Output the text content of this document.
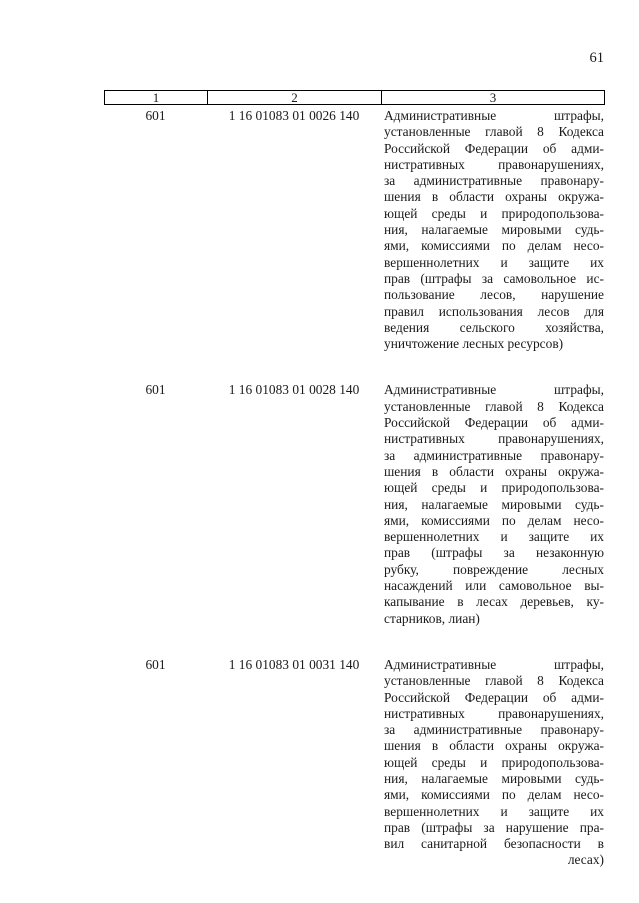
61
1	2	3
601	1 16 01083 01 0026 140	Административные штрафы,
установленные главой 8 Кодекса
Российской Федерации об адми-
нистративных правонарушениях,
за административные правонару-
шения в области охраны окружа-
ющей среды и природопользова-
ния, налагаемые мировыми судь-
ями, комиссиями по делам несо-
вершеннолетних и защите их
прав (штрафы за самовольное ис-
пользование лесов, нарушение
правил использования лесов для
ведения сельского хозяйства,
уничтожение лесных ресурсов)
601	1 16 01083 01 0028 140	Административные штрафы,
установленные главой 8 Кодекса
Российской Федерации об адми-
нистративных правонарушениях,
за административные правонару-
шения в области охраны окружа-
ющей среды и природопользова-
ния, налагаемые мировыми судь-
ями, комиссиями по делам несо-
вершеннолетних и защите их
прав (штрафы за незаконную
рубку, повреждение лесных
насаждений или самовольное вы-
капывание в лесах деревьев, ку-
старников, лиан)
601	1 16 01083 01 0031 140	Административные штрафы,
установленные главой 8 Кодекса
Российской Федерации об адми-
нистративных правонарушениях,
за административные правонару-
шения в области охраны окружа-
ющей среды и природопользова-
ния, налагаемые мировыми судь-
ями, комиссиями по делам несо-
вершеннолетних и защите их
прав (штрафы за нарушение пра-
вил санитарной безопасности в
лесах)
